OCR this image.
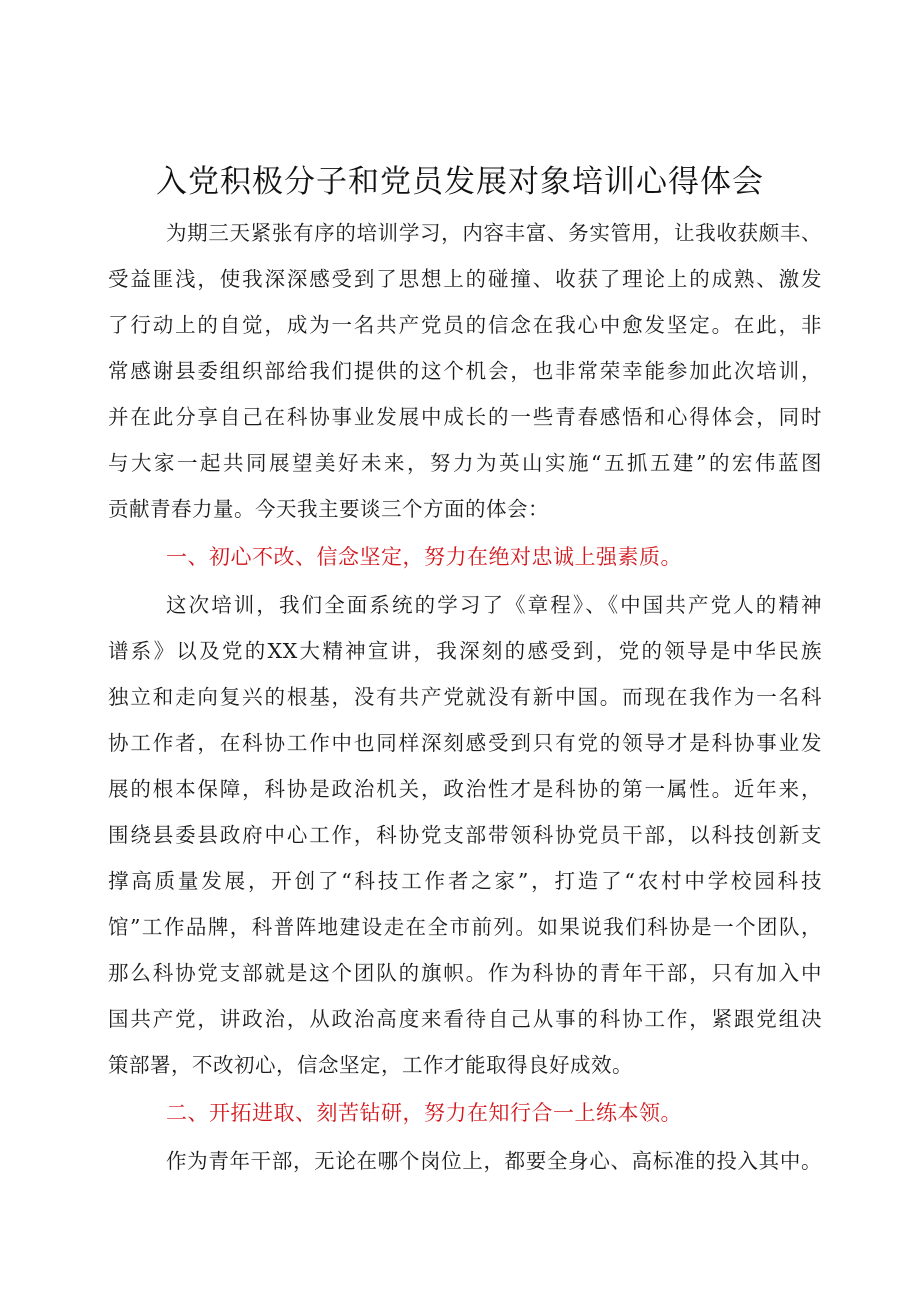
入党积极分子和党员发展对象培训心得体会
为期三天紧张有序的培训学习，内容丰富、务实管用，让我收获颇丰、
受益匪浅，使我深深感受到了思想上的碰撞、收获了理论上的成熟、激发
了行动上的自觉，成为一名共产党员的信念在我心中愈发坚定。在此，非
常感谢县委组织部给我们提供的这个机会，也非常荣幸能参加此次培训，
并在此分享自己在科协事业发展中成长的一些青春感悟和心得体会，同时
与大家一起共同展望美好未来，努力为英山实施“五抓五建”的宏伟蓝图
贡献青春力量。今天我主要谈三个方面的体会：
一、初心不改、信念坚定，努力在绝对忠诚上强素质。
这次培训，我们全面系统的学习了《章程》、《中国共产党人的精神
谱系》以及党的XX大精神宣讲，我深刻的感受到，党的领导是中华民族
独立和走向复兴的根基，没有共产党就没有新中国。而现在我作为一名科
协工作者，在科协工作中也同样深刻感受到只有党的领导才是科协事业发
展的根本保障，科协是政治机关，政治性才是科协的第一属性。近年来，
围绕县委县政府中心工作，科协党支部带领科协党员干部，以科技创新支
撑高质量发展，开创了“科技工作者之家”，打造了“农村中学校园科技
馆”工作品牌，科普阵地建设走在全市前列。如果说我们科协是一个团队，
那么科协党支部就是这个团队的旗帜。作为科协的青年干部，只有加入中
国共产党，讲政治，从政治高度来看待自己从事的科协工作，紧跟党组决
策部署，不改初心，信念坚定，工作才能取得良好成效。
二、开拓进取、刻苦钻研，努力在知行合一上练本领。
作为青年干部，无论在哪个岗位上，都要全身心、高标准的投入其中。
